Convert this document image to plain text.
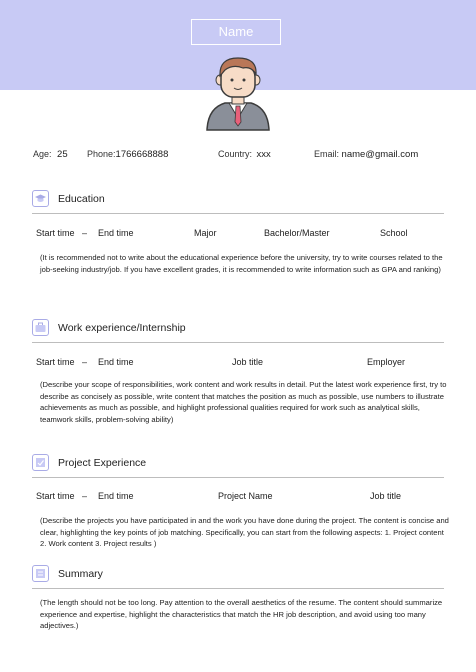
Name
Age: 25 Phone:1766668888	Country: xxx	Email: name@gmail.com
Education
Start time – End time	Major	Bachelor/Master	School

(It is recommended not to write about the educational experience before the university, try to write courses related to the job-seeking industry/job. If you have excellent grades, it is recommended to write information such as GPA and ranking)

Work experience/Internship
Start time – End time	Job title	Employer

(Describe your scope of responsibilities, work content and work results in detail. Put the latest work experience first, try to describe as concisely as possible, write content that matches the position as much as possible, use numbers to illustrate achievements as much as possible, and highlight professional qualities required for work such as analytical skills, teamwork skills, problem-solving ability)

Project Experience
Start time – End time	Project Name	Job title

(Describe the projects you have participated in and the work you have done during the project. The content is concise and clear, highlighting the key points of job matching. Specifically, you can start from the following aspects: 1. Project content 2. Work content 3. Project results )

Summary

(The length should not be too long. Pay attention to the overall aesthetics of the resume. The content should summarize experience and expertise, highlight the characteristics that match the HR job description, and avoid using too many adjectives.)
